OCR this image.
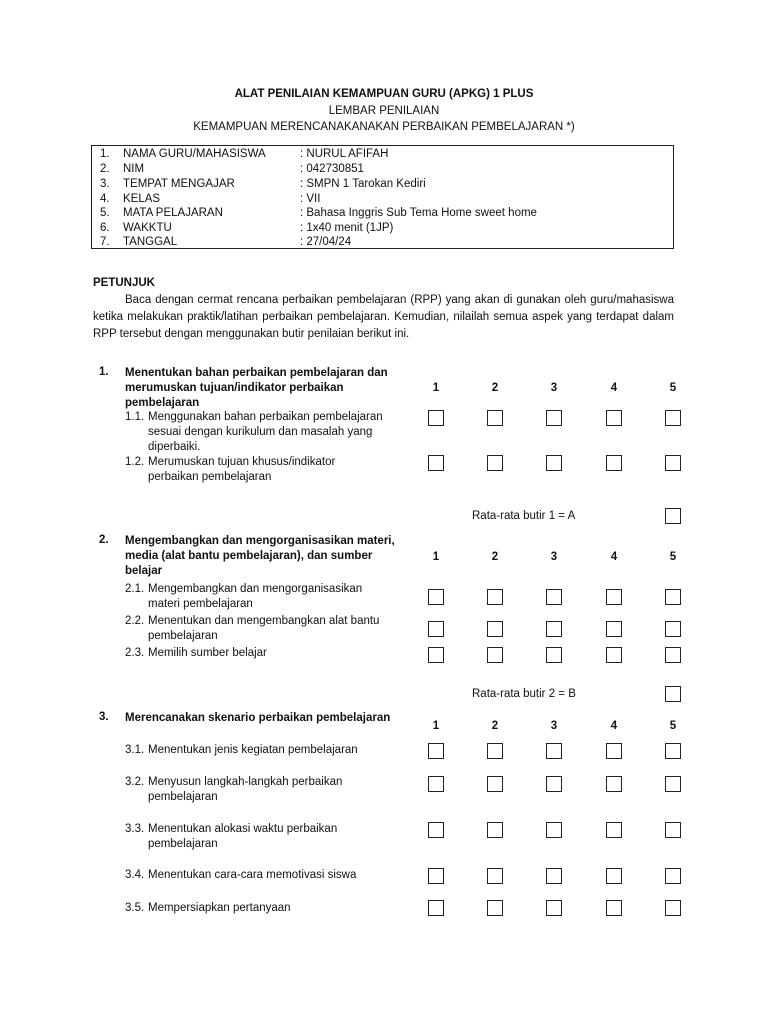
ALAT PENILAIAN KEMAMPUAN GURU (APKG) 1 PLUS
LEMBAR PENILAIAN
KEMAMPUAN MERENCANAKANAKAN PERBAIKAN PEMBELAJARAN *)
1.	NAMA GURU/MAHASISWA	: NURUL AFIFAH
2.	NIM	: 042730851
3.	TEMPAT MENGAJAR	: SMPN 1 Tarokan Kediri
4.	KELAS	: VII
5.	MATA PELAJARAN	: Bahasa Inggris Sub Tema Home sweet home
6.	WAKKTU	: 1x40 menit (1JP)
7.	TANGGAL	: 27/04/24
PETUNJUK
Baca dengan cermat rencana perbaikan pembelajaran (RPP) yang akan di gunakan oleh guru/mahasiswa ketika melakukan praktik/latihan perbaikan pembelajaran. Kemudian, nilailah semua aspek yang terdapat dalam RPP tersebut dengan menggunakan butir penilaian berikut ini.
1. Menentukan bahan perbaikan pembelajaran dan merumuskan tujuan/indikator perbaikan pembelajaran
1	2	3	4	5
1.1. Menggunakan bahan perbaikan pembelajaran
sesuai dengan kurikulum dan masalah yang diperbaiki.
1.2. Merumuskan tujuan khusus/indikator
perbaikan pembelajaran
Rata-rata butir 1 = A
2. Mengembangkan dan mengorganisasikan materi, media (alat bantu pembelajaran), dan sumber belajar
1	2	3	4	5
2.1. Mengembangkan dan mengorganisasikan
materi pembelajaran
2.2. Menentukan dan mengembangkan alat bantu
pembelajaran
2.3. Memilih sumber belajar
Rata-rata butir 2 = B
3. Merencanakan skenario perbaikan pembelajaran
1	2	3	4	5
3.1. Menentukan jenis kegiatan pembelajaran
3.2. Menyusun langkah-langkah perbaikan
pembelajaran
3.3. Menentukan alokasi waktu perbaikan
pembelajaran
3.4. Menentukan cara-cara memotivasi siswa
3.5. Mempersiapkan pertanyaan
